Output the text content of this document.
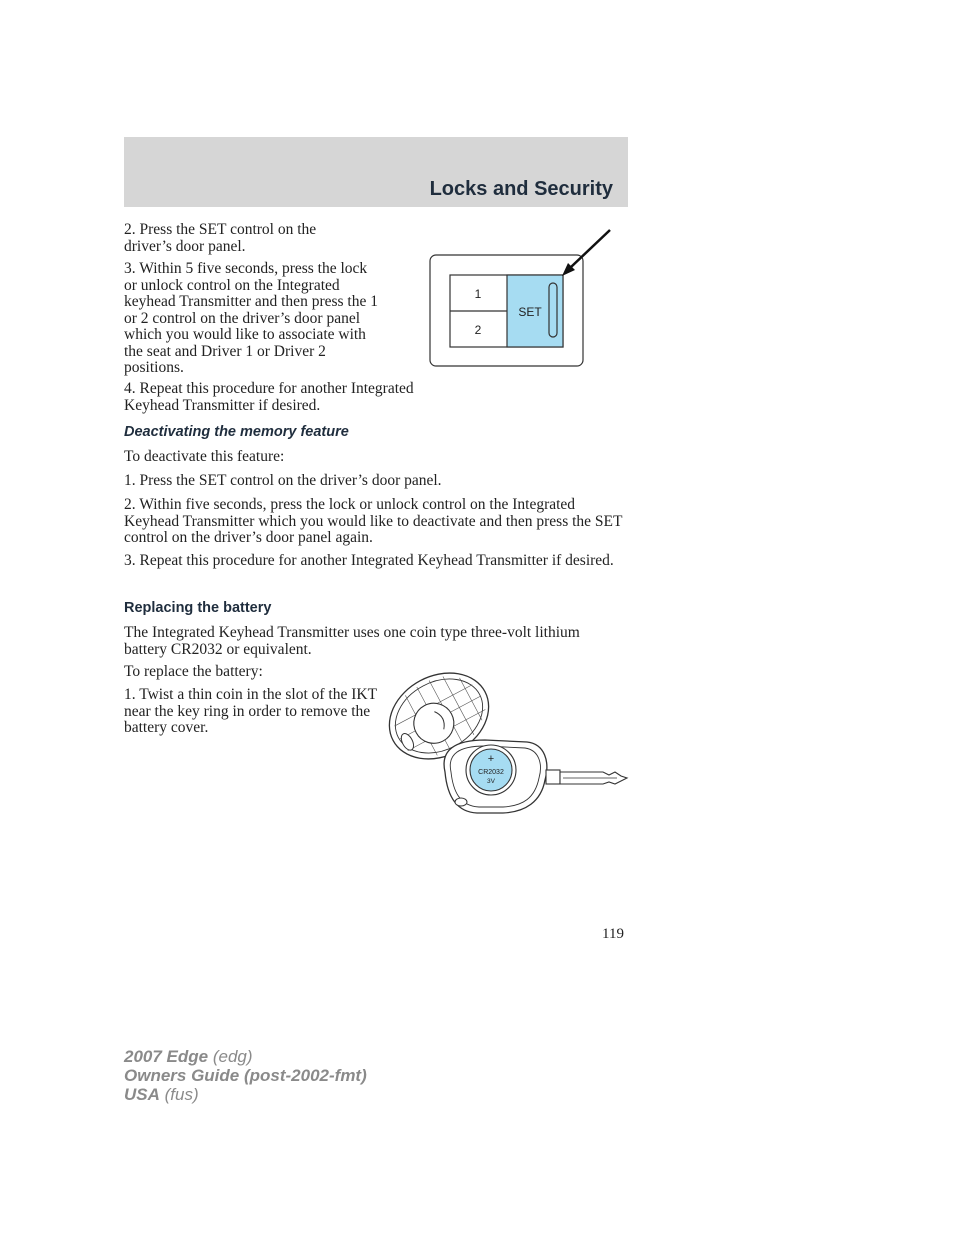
Locks and Security

2. Press the SET control on the driver’s door panel.

3. Within 5 five seconds, press the lock or unlock control on the Integrated keyhead Transmitter and then press the 1 or 2 control on the driver’s door panel which you would like to associate with the seat and Driver 1 or Driver 2 positions.

4. Repeat this procedure for another Integrated Keyhead Transmitter if desired.

1
2
SET
Deactivating the memory feature

To deactivate this feature:

1. Press the SET control on the driver’s door panel.

2. Within five seconds, press the lock or unlock control on the Integrated Keyhead Transmitter which you would like to deactivate and then press the SET control on the driver’s door panel again.

3. Repeat this procedure for another Integrated Keyhead Transmitter if desired.

Replacing the battery

The Integrated Keyhead Transmitter uses one coin type three-volt lithium battery CR2032 or equivalent.

To replace the battery:

1. Twist a thin coin in the slot of the IKT near the key ring in order to remove the battery cover.

+
CR2032
3V

119

2007 Edge (edg)
Owners Guide (post-2002-fmt)
USA (fus)
